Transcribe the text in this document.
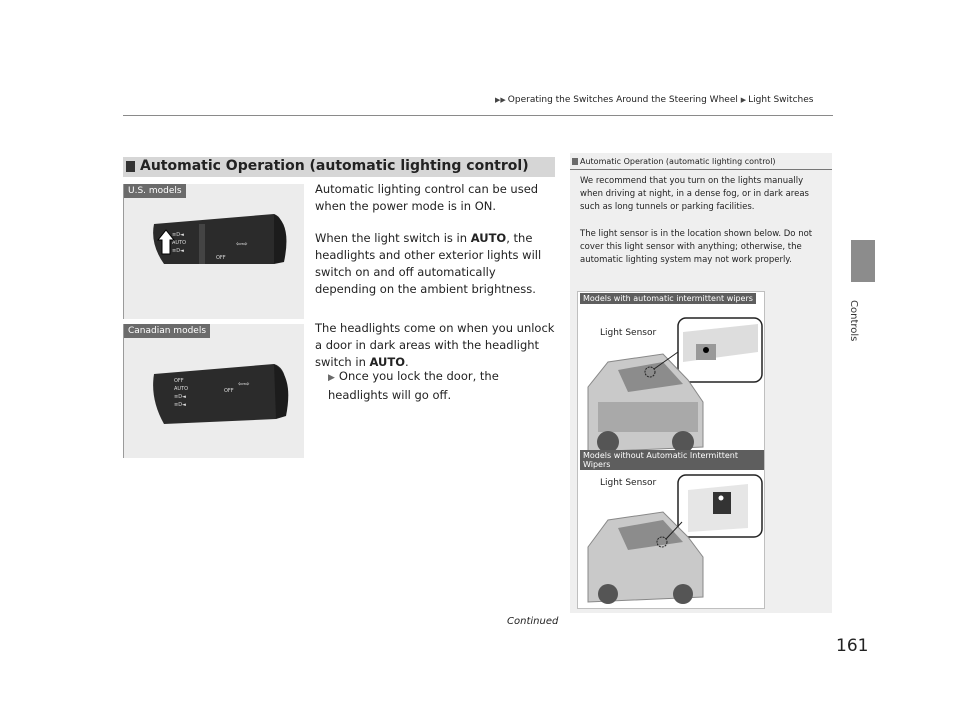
▶▶ Operating the Switches Around the Steering Wheel ▶ Light Switches
Controls
Automatic Operation (automatic lighting control)
U.S. models
≡D◄
AUTO
≡D◄
⇦⇨
OFF
Canadian models
OFF
AUTO
≡D◄
≡D◄
OFF
⇦⇨

Automatic lighting control can be used when the power mode is in ON.

When the light switch is in AUTO, the headlights and other exterior lights will switch on and off automatically depending on the ambient brightness.

The headlights come on when you unlock a door in dark areas with the headlight switch in AUTO.

▶ Once you lock the door, the headlights will go off.
Automatic Operation (automatic lighting control)
We recommend that you turn on the lights manually when driving at night, in a dense fog, or in dark areas such as long tunnels or parking facilities.
The light sensor is in the location shown below. Do not cover this light sensor with anything; otherwise, the automatic lighting system may not work properly.
Models with automatic intermittent wipers
Light Sensor
Models without Automatic Intermittent Wipers
Light Sensor
Continued
161
